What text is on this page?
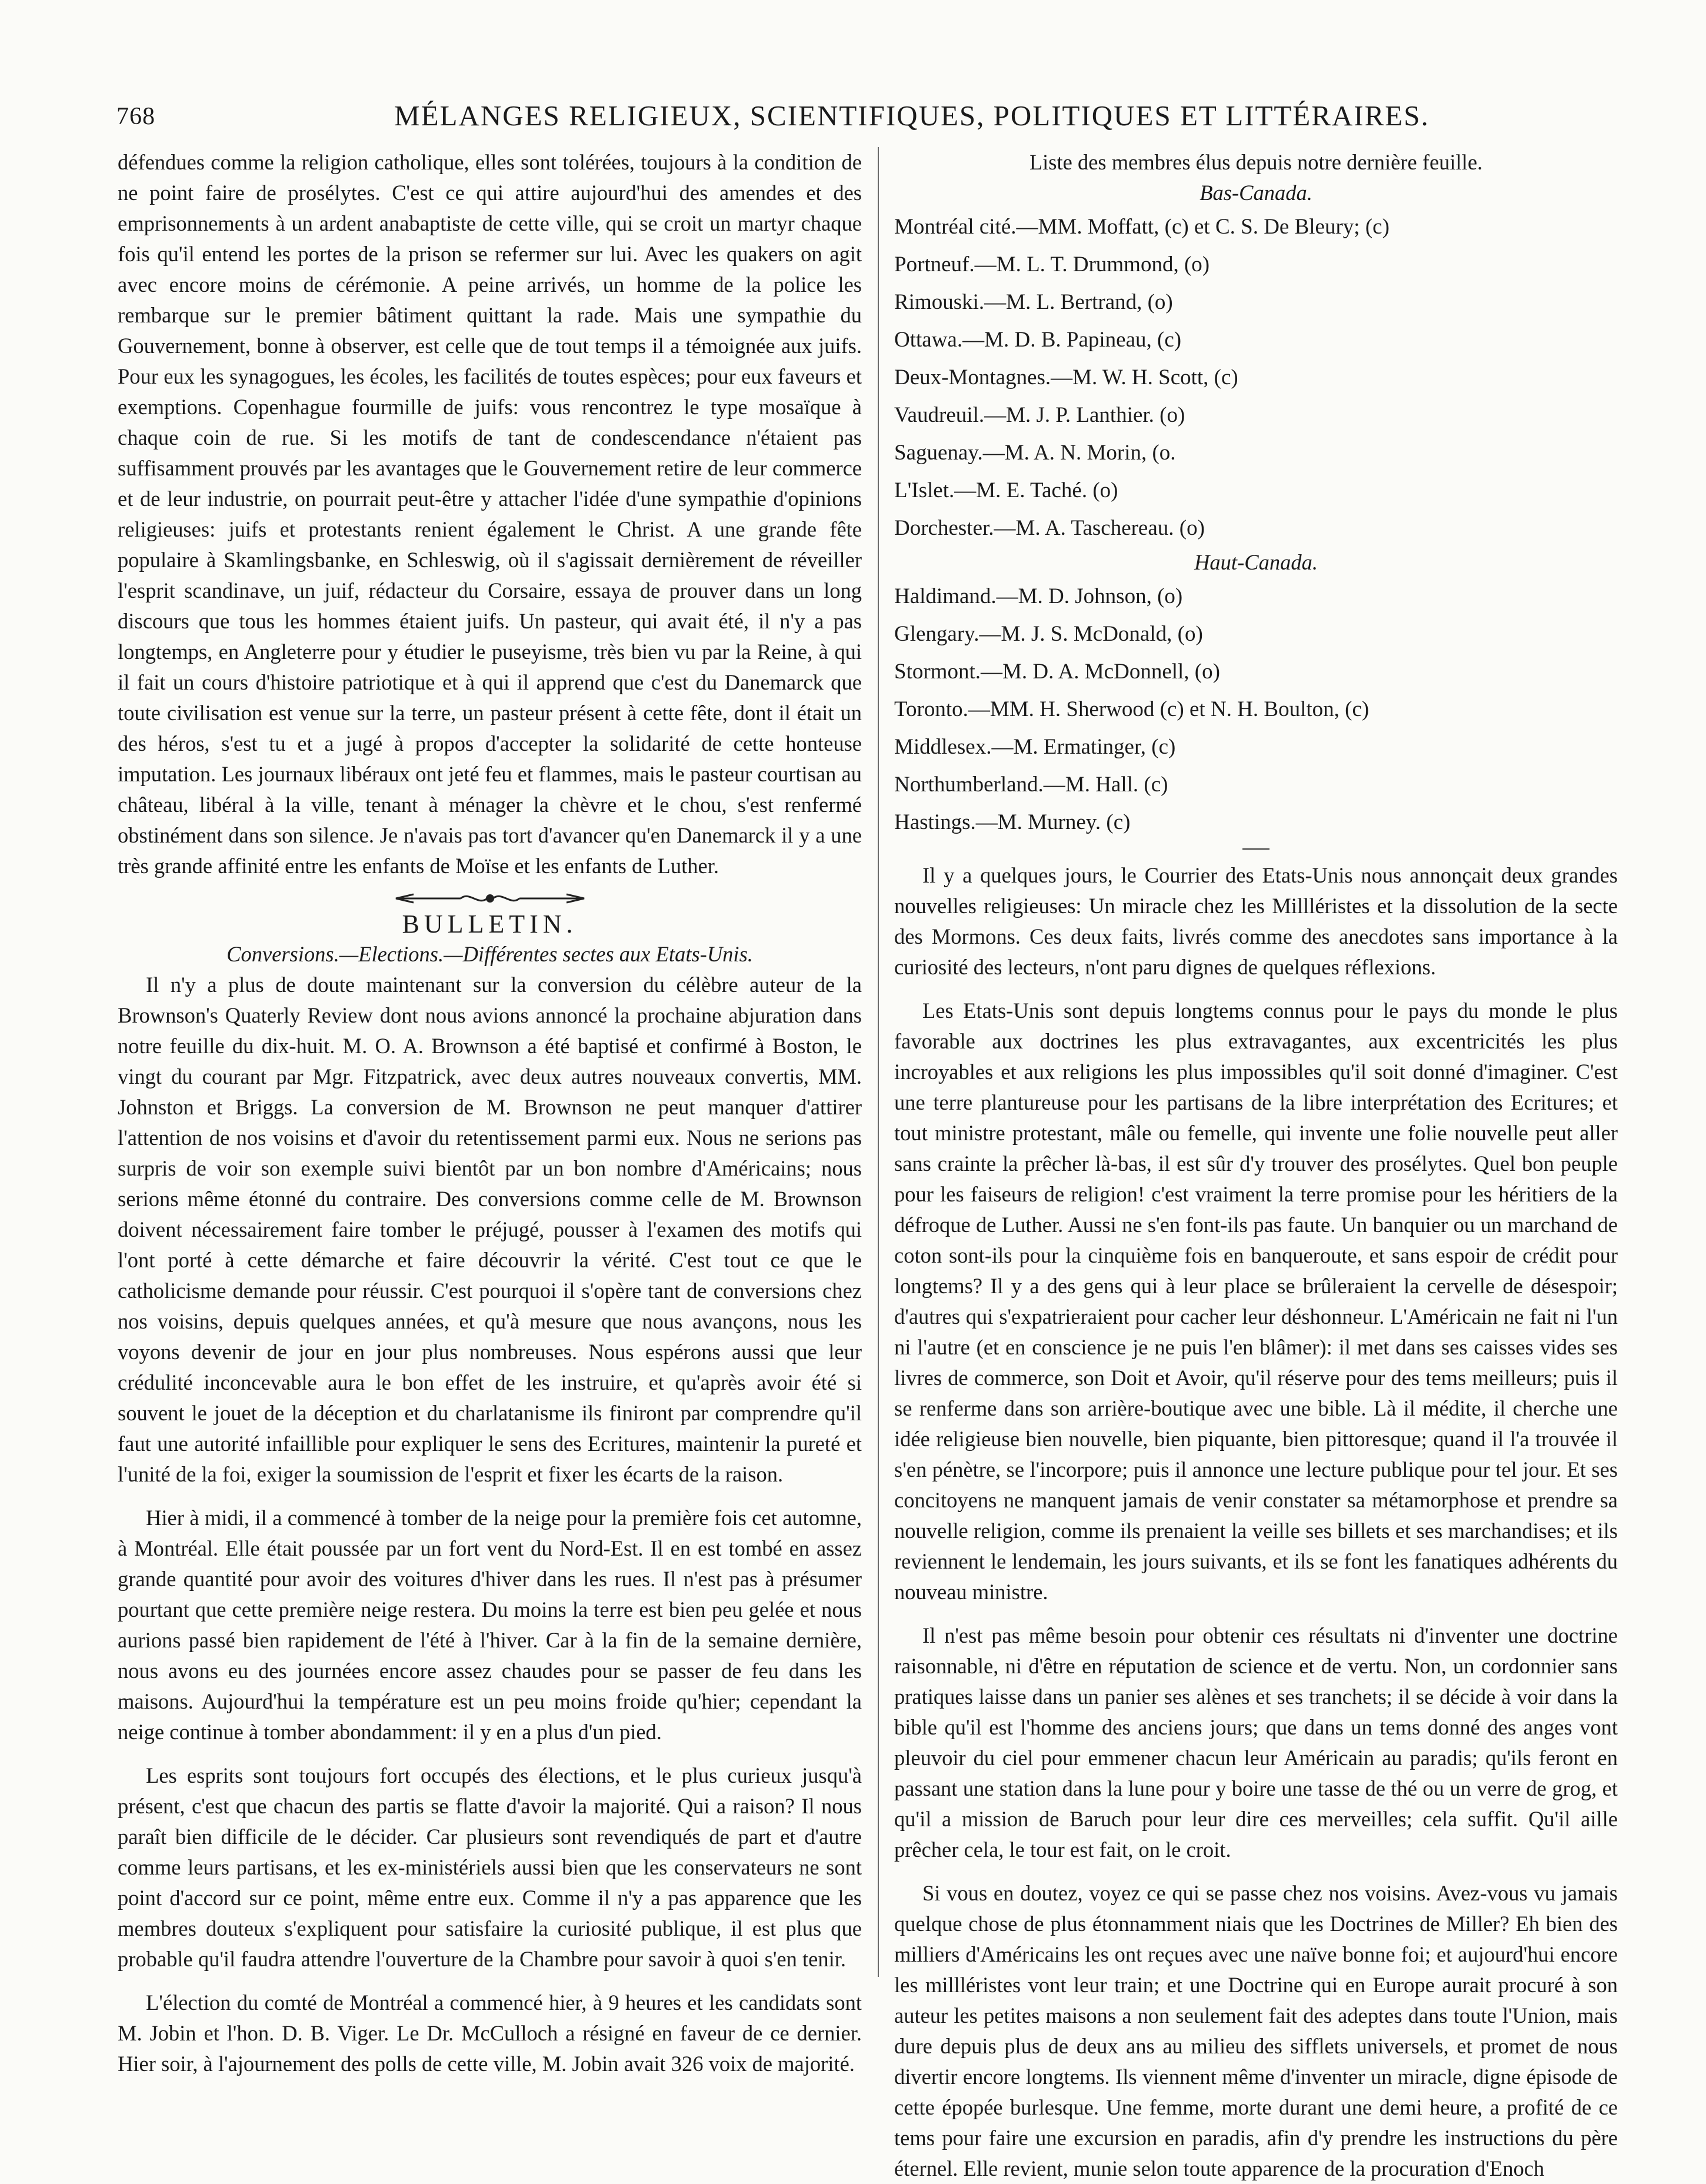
768	MÉLANGES RELIGIEUX, SCIENTIFIQUES, POLITIQUES ET LITTÉRAIRES.

défendues comme la religion catholique, elles sont tolérées, toujours à la condition de ne point faire de prosélytes. C'est ce qui attire aujourd'hui des amendes et des emprisonnements à un ardent anabaptiste de cette ville, qui se croit un martyr chaque fois qu'il entend les portes de la prison se refermer sur lui. Avec les quakers on agit avec encore moins de cérémonie. A peine arrivés, un homme de la police les rembarque sur le premier bâtiment quittant la rade. Mais une sympathie du Gouvernement, bonne à observer, est celle que de tout temps il a témoignée aux juifs. Pour eux les synagogues, les écoles, les facilités de toutes espèces; pour eux faveurs et exemptions. Copenhague fourmille de juifs: vous rencontrez le type mosaïque à chaque coin de rue. Si les motifs de tant de condescendance n'étaient pas suffisamment prouvés par les avantages que le Gouvernement retire de leur commerce et de leur industrie, on pourrait peut-être y attacher l'idée d'une sympathie d'opinions religieuses: juifs et protestants renient également le Christ. A une grande fête populaire à Skamlingsbanke, en Schleswig, où il s'agissait dernièrement de réveiller l'esprit scandinave, un juif, rédacteur du Corsaire, essaya de prouver dans un long discours que tous les hommes étaient juifs. Un pasteur, qui avait été, il n'y a pas longtemps, en Angleterre pour y étudier le puseyisme, très bien vu par la Reine, à qui il fait un cours d'histoire patriotique et à qui il apprend que c'est du Danemarck que toute civilisation est venue sur la terre, un pasteur présent à cette fête, dont il était un des héros, s'est tu et a jugé à propos d'accepter la solidarité de cette honteuse imputation. Les journaux libéraux ont jeté feu et flammes, mais le pasteur courtisan au château, libéral à la ville, tenant à ménager la chèvre et le chou, s'est renfermé obstinément dans son silence. Je n'avais pas tort d'avancer qu'en Danemarck il y a une très grande affinité entre les enfants de Moïse et les enfants de Luther.

BULLETIN.
Conversions.—Elections.—Différentes sectes aux Etats-Unis.

Il n'y a plus de doute maintenant sur la conversion du célèbre auteur de la Brownson's Quaterly Review dont nous avions annoncé la prochaine abjuration dans notre feuille du dix-huit. M. O. A. Brownson a été baptisé et confirmé à Boston, le vingt du courant par Mgr. Fitzpatrick, avec deux autres nouveaux convertis, MM. Johnston et Briggs. La conversion de M. Brownson ne peut manquer d'attirer l'attention de nos voisins et d'avoir du retentissement parmi eux. Nous ne serions pas surpris de voir son exemple suivi bientôt par un bon nombre d'Américains; nous serions même étonné du contraire. Des conversions comme celle de M. Brownson doivent nécessairement faire tomber le préjugé, pousser à l'examen des motifs qui l'ont porté à cette démarche et faire découvrir la vérité. C'est tout ce que le catholicisme demande pour réussir. C'est pourquoi il s'opère tant de conversions chez nos voisins, depuis quelques années, et qu'à mesure que nous avançons, nous les voyons devenir de jour en jour plus nombreuses. Nous espérons aussi que leur crédulité inconcevable aura le bon effet de les instruire, et qu'après avoir été si souvent le jouet de la déception et du charlatanisme ils finiront par comprendre qu'il faut une autorité infaillible pour expliquer le sens des Ecritures, maintenir la pureté et l'unité de la foi, exiger la soumission de l'esprit et fixer les écarts de la raison.

Hier à midi, il a commencé à tomber de la neige pour la première fois cet automne, à Montréal. Elle était poussée par un fort vent du Nord-Est. Il en est tombé en assez grande quantité pour avoir des voitures d'hiver dans les rues. Il n'est pas à présumer pourtant que cette première neige restera. Du moins la terre est bien peu gelée et nous aurions passé bien rapidement de l'été à l'hiver. Car à la fin de la semaine dernière, nous avons eu des journées encore assez chaudes pour se passer de feu dans les maisons. Aujourd'hui la température est un peu moins froide qu'hier; cependant la neige continue à tomber abondamment: il y en a plus d'un pied.

Les esprits sont toujours fort occupés des élections, et le plus curieux jusqu'à présent, c'est que chacun des partis se flatte d'avoir la majorité. Qui a raison? Il nous paraît bien difficile de le décider. Car plusieurs sont revendiqués de part et d'autre comme leurs partisans, et les ex-ministériels aussi bien que les conservateurs ne sont point d'accord sur ce point, même entre eux. Comme il n'y a pas apparence que les membres douteux s'expliquent pour satisfaire la curiosité publique, il est plus que probable qu'il faudra attendre l'ouverture de la Chambre pour savoir à quoi s'en tenir.

L'élection du comté de Montréal a commencé hier, à 9 heures et les candidats sont M. Jobin et l'hon. D. B. Viger. Le Dr. McCulloch a résigné en faveur de ce dernier. Hier soir, à l'ajournement des polls de cette ville, M. Jobin avait 326 voix de majorité.

Liste des membres élus depuis notre dernière feuille.
Bas-Canada.
Montréal cité.—MM. Moffatt, (c) et C. S. De Bleury; (c)
Portneuf.—M. L. T. Drummond, (o)
Rimouski.—M. L. Bertrand, (o)
Ottawa.—M. D. B. Papineau, (c)
Deux-Montagnes.—M. W. H. Scott, (c)
Vaudreuil.—M. J. P. Lanthier. (o)
Saguenay.—M. A. N. Morin, (o.
L'Islet.—M. E. Taché. (o)
Dorchester.—M. A. Taschereau. (o)
Haut-Canada.
Haldimand.—M. D. Johnson, (o)
Glengary.—M. J. S. McDonald, (o)
Stormont.—M. D. A. McDonnell, (o)
Toronto.—MM. H. Sherwood (c) et N. H. Boulton, (c)
Middlesex.—M. Ermatinger, (c)
Northumberland.—M. Hall. (c)
Hastings.—M. Murney. (c)

Il y a quelques jours, le Courrier des Etats-Unis nous annonçait deux grandes nouvelles religieuses: Un miracle chez les Millléristes et la dissolution de la secte des Mormons. Ces deux faits, livrés comme des anecdotes sans importance à la curiosité des lecteurs, n'ont paru dignes de quelques réflexions.

Les Etats-Unis sont depuis longtems connus pour le pays du monde le plus favorable aux doctrines les plus extravagantes, aux excentricités les plus incroyables et aux religions les plus impossibles qu'il soit donné d'imaginer. C'est une terre plantureuse pour les partisans de la libre interprétation des Ecritures; et tout ministre protestant, mâle ou femelle, qui invente une folie nouvelle peut aller sans crainte la prêcher là-bas, il est sûr d'y trouver des prosélytes. Quel bon peuple pour les faiseurs de religion! c'est vraiment la terre promise pour les héritiers de la défroque de Luther. Aussi ne s'en font-ils pas faute. Un banquier ou un marchand de coton sont-ils pour la cinquième fois en banqueroute, et sans espoir de crédit pour longtems? Il y a des gens qui à leur place se brûleraient la cervelle de désespoir; d'autres qui s'expatrieraient pour cacher leur déshonneur. L'Américain ne fait ni l'un ni l'autre (et en conscience je ne puis l'en blâmer): il met dans ses caisses vides ses livres de commerce, son Doit et Avoir, qu'il réserve pour des tems meilleurs; puis il se renferme dans son arrière-boutique avec une bible. Là il médite, il cherche une idée religieuse bien nouvelle, bien piquante, bien pittoresque; quand il l'a trouvée il s'en pénètre, se l'incorpore; puis il annonce une lecture publique pour tel jour. Et ses concitoyens ne manquent jamais de venir constater sa métamorphose et prendre sa nouvelle religion, comme ils prenaient la veille ses billets et ses marchandises; et ils reviennent le lendemain, les jours suivants, et ils se font les fanatiques adhérents du nouveau ministre.

Il n'est pas même besoin pour obtenir ces résultats ni d'inventer une doctrine raisonnable, ni d'être en réputation de science et de vertu. Non, un cordonnier sans pratiques laisse dans un panier ses alènes et ses tranchets; il se décide à voir dans la bible qu'il est l'homme des anciens jours; que dans un tems donné des anges vont pleuvoir du ciel pour emmener chacun leur Américain au paradis; qu'ils feront en passant une station dans la lune pour y boire une tasse de thé ou un verre de grog, et qu'il a mission de Baruch pour leur dire ces merveilles; cela suffit. Qu'il aille prêcher cela, le tour est fait, on le croit.

Si vous en doutez, voyez ce qui se passe chez nos voisins. Avez-vous vu jamais quelque chose de plus étonnamment niais que les Doctrines de Miller? Eh bien des milliers d'Américains les ont reçues avec une naïve bonne foi; et aujourd'hui encore les millléristes vont leur train; et une Doctrine qui en Europe aurait procuré à son auteur les petites maisons a non seulement fait des adeptes dans toute l'Union, mais dure depuis plus de deux ans au milieu des sifflets universels, et promet de nous divertir encore longtems. Ils viennent même d'inventer un miracle, digne épisode de cette épopée burlesque. Une femme, morte durant une demi heure, a profité de ce tems pour faire une excursion en paradis, afin d'y prendre les instructions du père éternel. Elle revient, munie selon toute apparence de la procuration d'Enoch
